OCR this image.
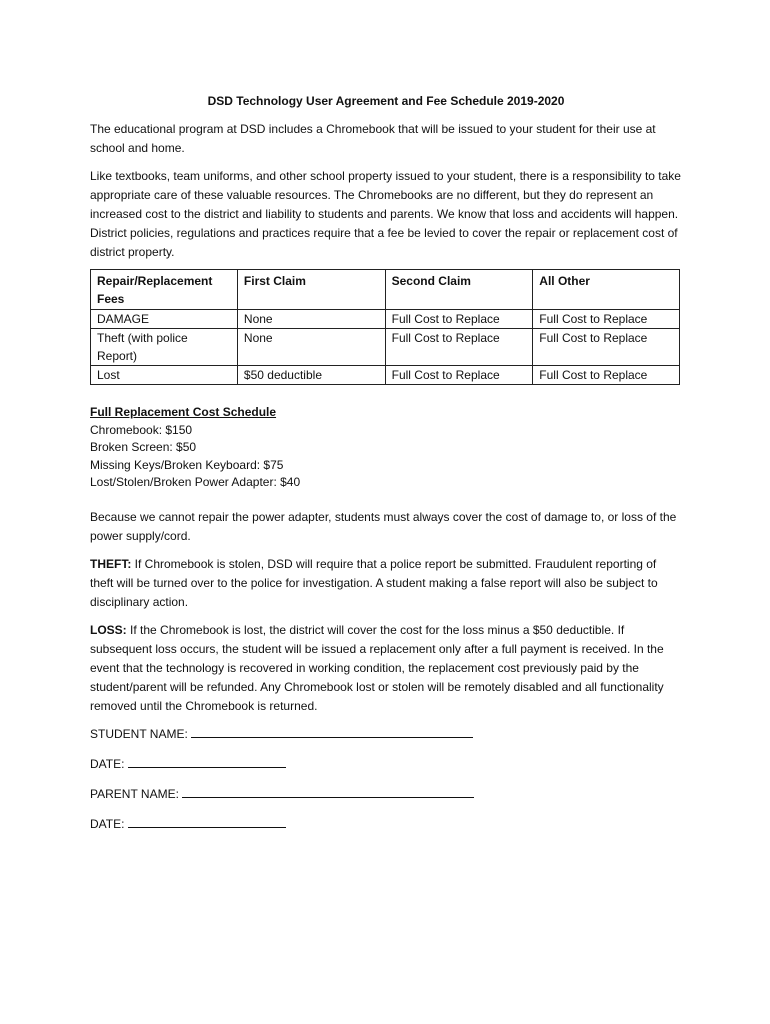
DSD Technology User Agreement and Fee Schedule 2019-2020

The educational program at DSD includes a Chromebook that will be issued to your student for their use at school and home.

Like textbooks, team uniforms, and other school property issued to your student, there is a responsibility to take appropriate care of these valuable resources. The Chromebooks are no different, but they do represent an increased cost to the district and liability to students and parents. We know that loss and accidents will happen. District policies, regulations and practices require that a fee be levied to cover the repair or replacement cost of district property.

Repair/Replacement Fees	First Claim	Second Claim	All Other
DAMAGE	None	Full Cost to Replace	Full Cost to Replace
Theft (with police Report)	None	Full Cost to Replace	Full Cost to Replace
Lost	$50 deductible	Full Cost to Replace	Full Cost to Replace
Full Replacement Cost Schedule
Chromebook: $150
Broken Screen: $50
Missing Keys/Broken Keyboard: $75
Lost/Stolen/Broken Power Adapter: $40

Because we cannot repair the power adapter, students must always cover the cost of damage to, or loss of the power supply/cord.

THEFT: If Chromebook is stolen, DSD will require that a police report be submitted. Fraudulent reporting of theft will be turned over to the police for investigation. A student making a false report will also be subject to disciplinary action.

LOSS: If the Chromebook is lost, the district will cover the cost for the loss minus a $50 deductible. If subsequent loss occurs, the student will be issued a replacement only after a full payment is received. In the event that the technology is recovered in working condition, the replacement cost previously paid by the student/parent will be refunded. Any Chromebook lost or stolen will be remotely disabled and all functionality removed until the Chromebook is returned.

STUDENT NAME:
DATE:
PARENT NAME:
DATE:
